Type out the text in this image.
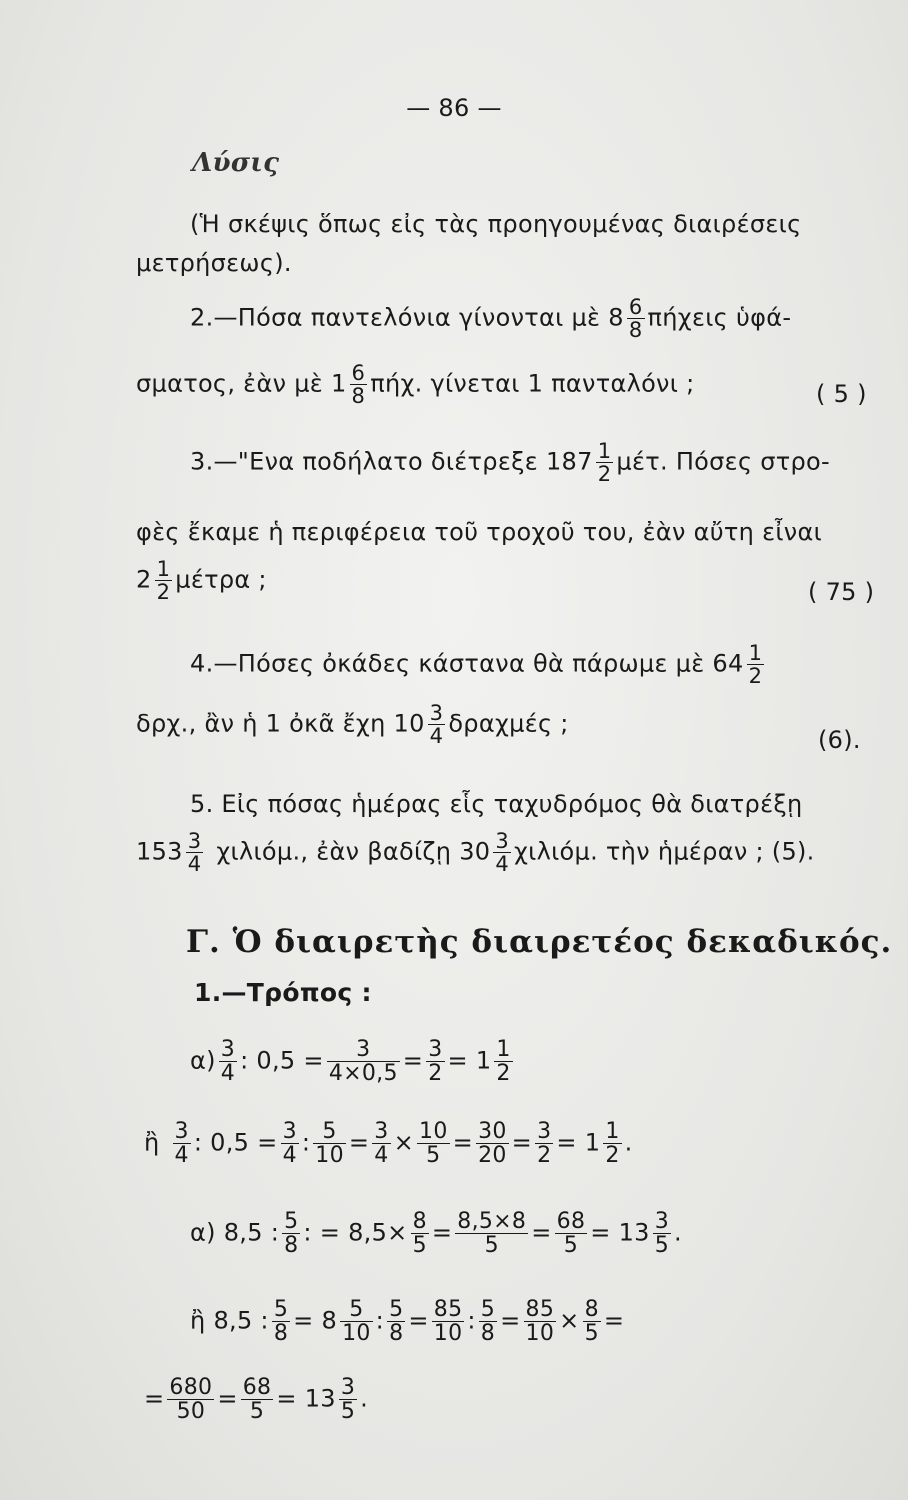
— 86 —
Λύσις
(Ἡ σκέψις ὅπως εἰς τὰς προηγουμένας διαιρέσεις
μετρήσεως).
2.—Πόσα παντελόνια γίνονται μὲ $8 \frac{6}{8}$ πήχεις ὑφά-
σματος, ἐὰν μὲ $1 \frac{6}{8} \pi ή\chi$. γίνεται 1 πανταλόνι ;	( 5 )
3.—"Ενα ποδήλατο διέτρεξε $187 \frac{1}{2} \mu έ\tau$. Πόσες στρο-
φὲς ἔκαμε ἡ περιφέρεια τοῦ τροχοῦ του, ἐὰν αὔτη εἶναι
$2 \frac{1}{2}$ μέτρα ;	( 75 )
4.—Πόσες ὀκάδες κάστανα θὰ πάρωμε μὲ $64 \frac{1}{2}$
δρχ., ἂν ἡ 1 ὀκᾶ ἔχη $10 \frac{3}{4}$ δραχμές ;
(6).
5. Εἰς πόσας ἡμέρας εἷς ταχυδρόμος θὰ διατρέξῃ
$153 \frac{3}{4} \chi\iota\lambda\iota ό\mu$., ἐὰν βαδίζῃ $30 \frac{3}{4} \chi\iota\lambda\iota ό\mu$. τὴν ἡμέραν ; (5).
Γ. Ὁ διαιρετὴς διαιρετέος δεκαδικός.
1.—Τρόπος :
$\alpha) \frac{3}{4}$ : $0,5 = \frac{3}{4\times 0,5} = \frac{3}{2} = 1 \frac{1}{2}$
ἢ $\frac{3}{4}$ : $0,5 = \frac{3}{4}$ : $\frac{5}{10} = \frac{3}{4} \times \frac{10}{5} = \frac{30}{20} = \frac{3}{2} = 1 \frac{1}{2}$ .
α) 8,5 : $\frac{5}{8}$ : = $8,5\times \frac{8}{5} = \frac{8,5\times 8}{5} = \frac{68}{5} = 13 \frac{3}{5}$ .
ἢ 8,5 : $\frac{5}{8} = 8 \frac{5}{10}$ : $\frac{5}{8} = \frac{85}{10}$ : $\frac{5}{8} = \frac{85}{10} \times \frac{8}{5}$ =
= $\frac{680}{50} = \frac{68}{5} = 13 \frac{3}{5}$ .
